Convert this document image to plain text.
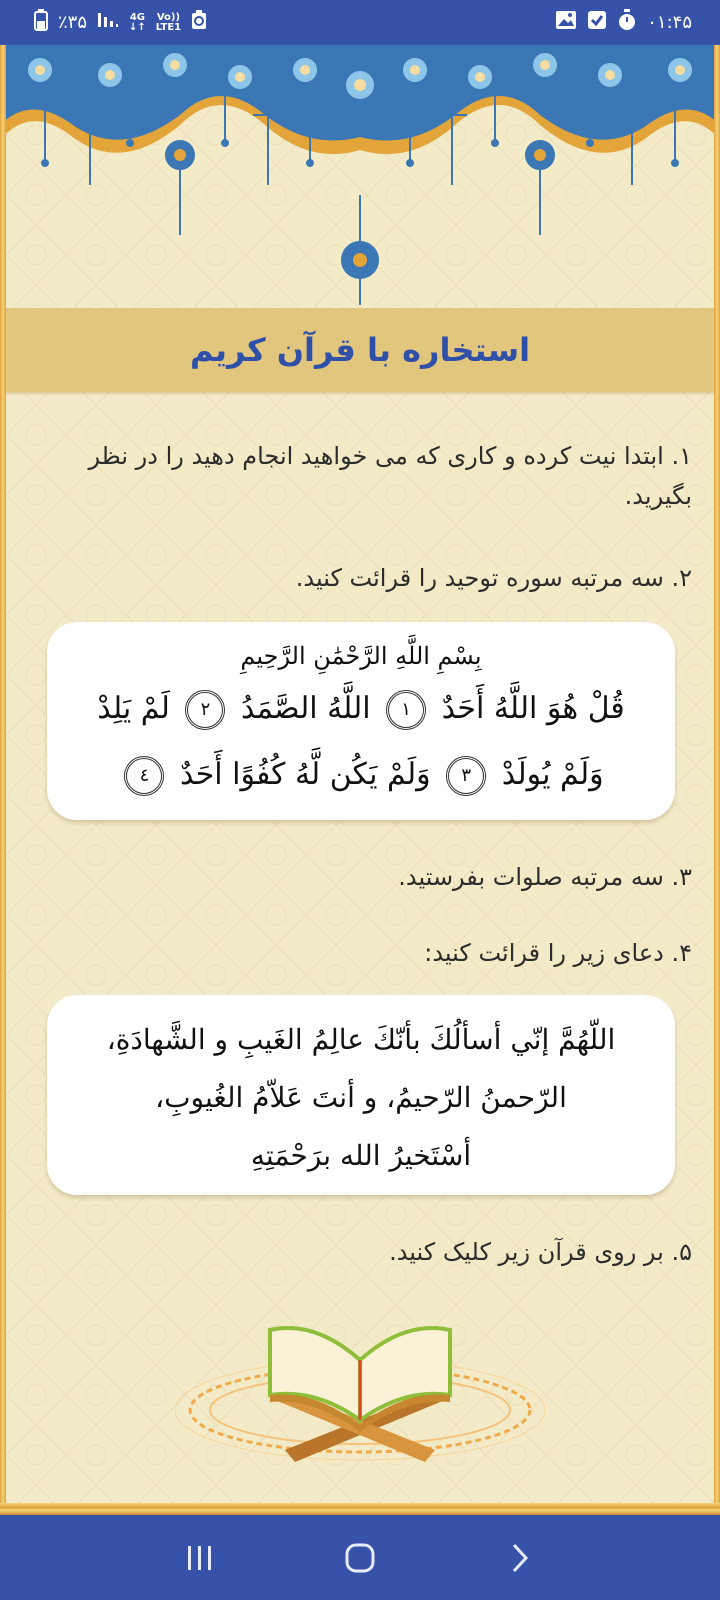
٪۳۵	4G
↓↑
Vo))
LTE1	۰۱:۴۵
استخاره با قرآن کریم
۱. ابتدا نیت کرده و کاری که می خواهید انجام دهید را در نظر بگیرید.
۲. سه مرتبه سوره توحید را قرائت کنید.
بِسْمِ اللَّهِ الرَّحْمَٰنِ الرَّحِيمِ
قُلْ هُوَ اللَّهُ أَحَدٌ ١ اللَّهُ الصَّمَدُ ٢ لَمْ يَلِدْ
وَلَمْ يُولَدْ ٣ وَلَمْ يَكُن لَّهُ كُفُوًا أَحَدٌ ٤
۳. سه مرتبه صلوات بفرستید.
۴. دعای زیر را قرائت کنید:
اللّهُمَّ إنّي أسألُكَ بأنّكَ عالِمُ الغَيبِ و الشَّهادَةِ،
الرّحمنُ الرّحيمُ، و أنتَ عَلاّمُ الغُيوبِ،
أسْتَخيرُ الله برَحْمَتِهِ
۵. بر روی قرآن زیر کلیک کنید.
